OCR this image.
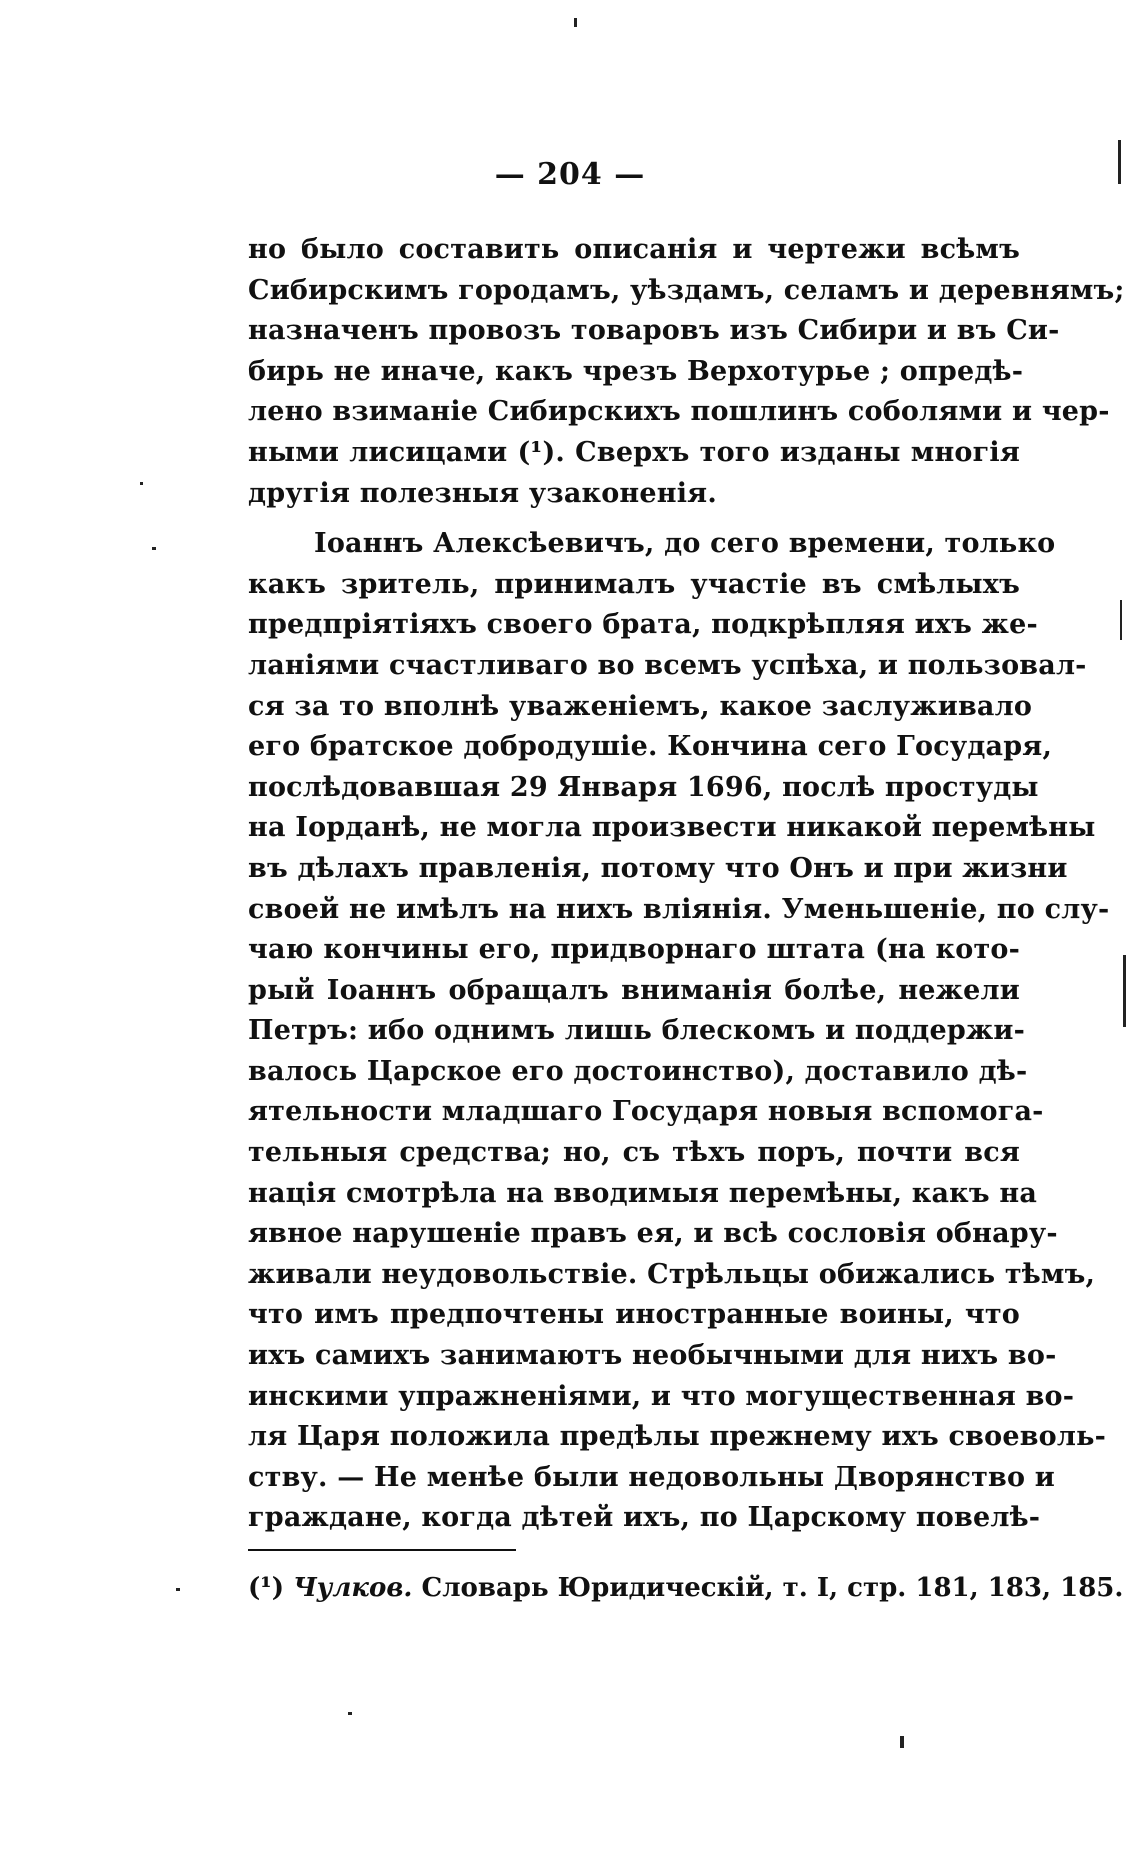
— 204 —
но было составить описанія и чертежи всѣмъ
Сибирскимъ городамъ, уѣздамъ, селамъ и деревнямъ;
назначенъ провозъ товаровъ изъ Сибири и въ Си-
бирь не иначе, какъ чрезъ Верхотурье ; опредѣ-
лено взиманіе Сибирскихъ пошлинъ соболями и чер-
ными лисицами (¹). Сверхъ того изданы многія
другія полезныя узаконенія.
Іоаннъ Алексѣевичъ, до сего времени, только
какъ зритель, принималъ участіе въ смѣлыхъ
предпріятіяхъ своего брата, подкрѣпляя ихъ же-
ланіями счастливаго во всемъ успѣха, и пользовал-
ся за то вполнѣ уваженіемъ, какое заслуживало
его братское добродушіе. Кончина сего Государя,
послѣдовавшая 29 Января 1696, послѣ простуды
на Іорданѣ, не могла произвести никакой перемѣны
въ дѣлахъ правленія, потому что Онъ и при жизни
своей не имѣлъ на нихъ вліянія. Уменьшеніе, по слу-
чаю кончины его, придворнаго штата (на кото-
рый Іоаннъ обращалъ вниманія болѣе, нежели
Петръ: ибо однимъ лишь блескомъ и поддержи-
валось Царское его достоинство), доставило дѣ-
ятельности младшаго Государя новыя вспомога-
тельныя средства; но, съ тѣхъ поръ, почти вся
нація смотрѣла на вводимыя перемѣны, какъ на
явное нарушеніе правъ ея, и всѣ сословія обнару-
живали неудовольствіе. Стрѣльцы обижались тѣмъ,
что имъ предпочтены иностранные воины, что
ихъ самихъ занимаютъ необычными для нихъ во-
инскими упражненіями, и что могущественная во-
ля Царя положила предѣлы прежнему ихъ своеволь-
ству. — Не менѣе были недовольны Дворянство и
граждане, когда дѣтей ихъ, по Царскому повелѣ-
(¹) Чулков. Словарь Юридическій, т. I, стр. 181, 183, 185.
